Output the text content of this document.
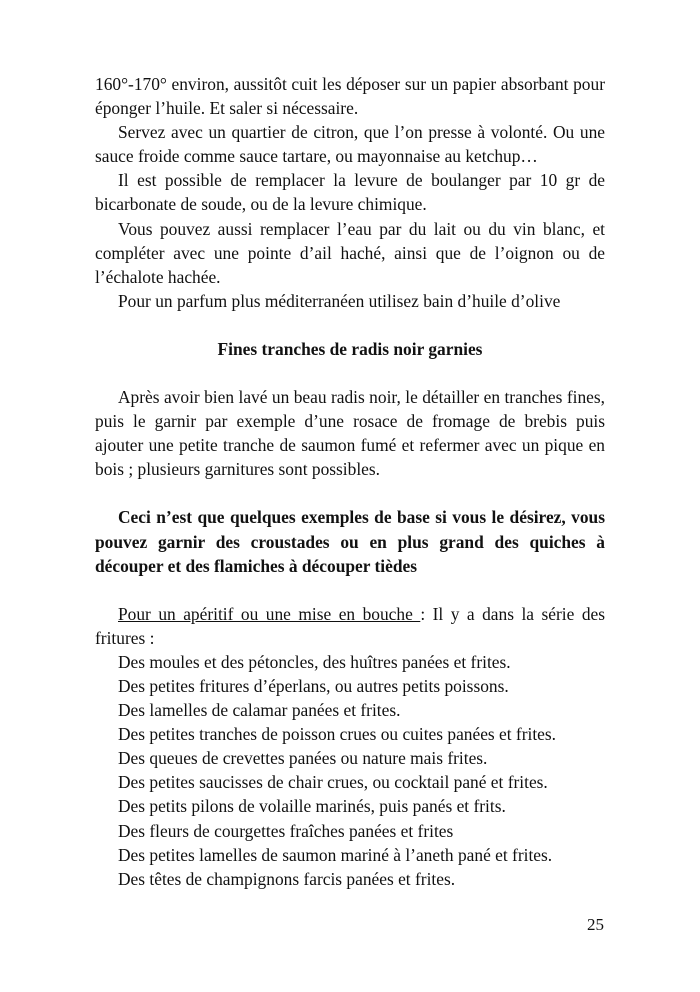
160°-170° environ, aussitôt cuit les déposer sur un papier absorbant pour éponger l’huile. Et saler si nécessaire.

Servez avec un quartier de citron, que l’on presse à volonté. Ou une sauce froide comme sauce tartare, ou mayonnaise au ketchup…

Il est possible de remplacer la levure de boulanger par 10 gr de bicarbonate de soude, ou de la levure chimique.

Vous pouvez aussi remplacer l’eau par du lait ou du vin blanc, et compléter avec une pointe d’ail haché, ainsi que de l’oignon ou de l’échalote hachée.

Pour un parfum plus méditerranéen utilisez bain d’huile d’olive

Fines tranches de radis noir garnies

Après avoir bien lavé un beau radis noir, le détailler en tranches fines, puis le garnir par exemple d’une rosace de fromage de brebis puis ajouter une petite tranche de saumon fumé et refermer avec un pique en bois ; plusieurs garnitures sont possibles.

Ceci n’est que quelques exemples de base si vous le désirez, vous pouvez garnir des croustades ou en plus grand des quiches à découper et des flamiches à découper tièdes

Pour un apéritif ou une mise en bouche : Il y a dans la série des fritures :

Des moules et des pétoncles, des huîtres panées et frites.
Des petites fritures d’éperlans, ou autres petits poissons.
Des lamelles de calamar panées et frites.
Des petites tranches de poisson crues ou cuites panées et frites.
Des queues de crevettes panées ou nature mais frites.
Des petites saucisses de chair crues, ou cocktail pané et frites.
Des petits pilons de volaille marinés, puis panés et frits.
Des fleurs de courgettes fraîches panées et frites
Des petites lamelles de saumon mariné à l’aneth pané et frites.
Des têtes de champignons farcis panées et frites.
25
